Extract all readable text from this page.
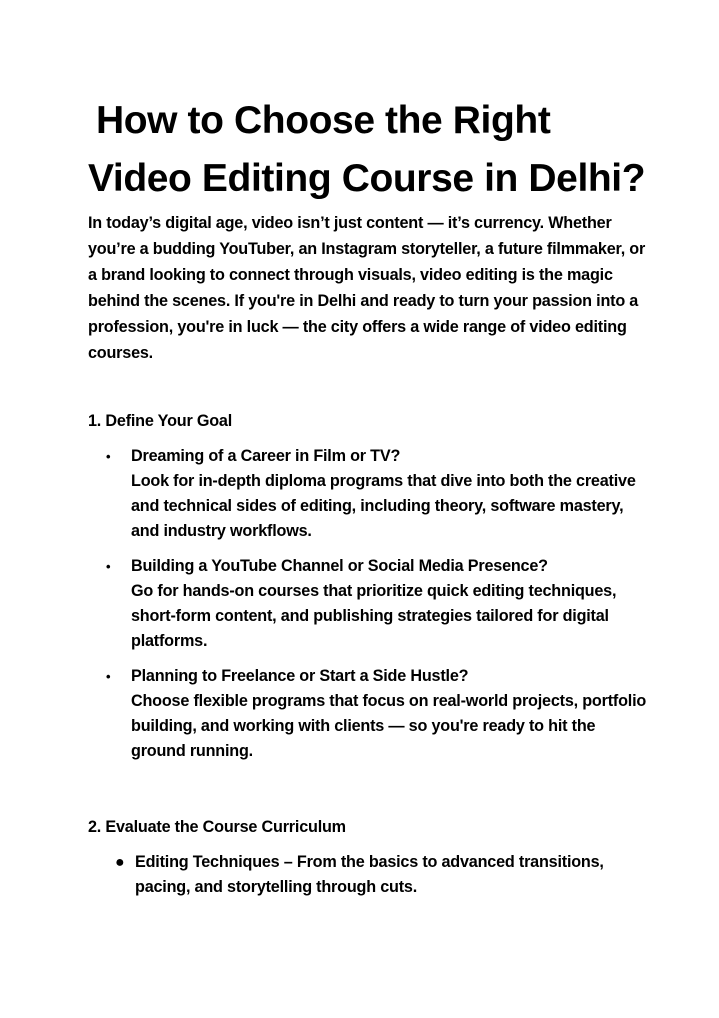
How to Choose the Right
Video Editing Course in Delhi?

In today’s digital age, video isn’t just content — it’s currency. Whether you’re a budding YouTuber, an Instagram storyteller, a future filmmaker, or a brand looking to connect through visuals, video editing is the magic behind the scenes. If you're in Delhi and ready to turn your passion into a profession, you're in luck — the city offers a wide range of video editing courses.

1. Define Your Goal
• Dreaming of a Career in Film or TV?
Look for in-depth diploma programs that dive into both the creative and technical sides of editing, including theory, software mastery, and industry workflows.
• Building a YouTube Channel or Social Media Presence?
Go for hands-on courses that prioritize quick editing techniques, short-form content, and publishing strategies tailored for digital platforms.
• Planning to Freelance or Start a Side Hustle?
Choose flexible programs that focus on real-world projects, portfolio building, and working with clients — so you're ready to hit the ground running.
2. Evaluate the Course Curriculum
● Editing Techniques – From the basics to advanced transitions, pacing, and storytelling through cuts.
